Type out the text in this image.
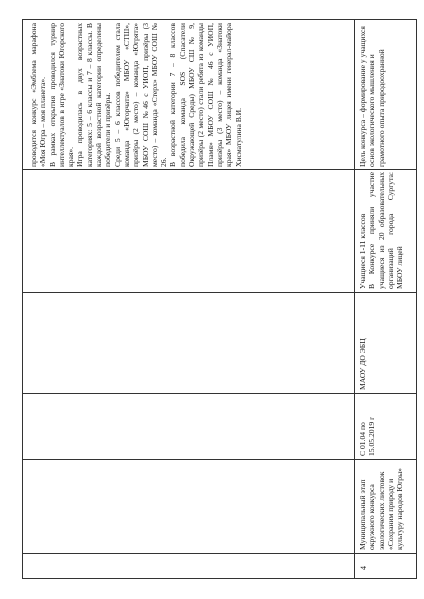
проводится конкурс «Эмблема марафона «Моя Югра – моя планета».
В рамках открытия проводился турнир интеллектуалов в игре «Знатоки Югорского края».
Игра проводилась в двух возрастных категориях: 5 – 6 классы и 7 – 8 классы. В каждой возрастной категории определены победители и призёры.
Среди 5 – 6 классов победителем стала команда «Югорчата» МБОУ «СТШ», призёры (2 место) – команда «Югрята» МБОУ СОШ №46 с УИОП, призёры (3 место) – команда «Стерх» МБОУ СОШ № 26.
В возрастной категории 7 – 8 классов победила команда SOS (Спасатели Окружающей Среды) МБОУ СШ № 9, призёры (2 место) стали ребята из команды Пламя» МБОУ СОШ № 46 с УИОП, призёры (3 место) – команда «Знатоки края» МБОУ лицея имени генерал-майора Хисматулина В.И.
4
Муниципальный этап окружного конкурса экологических листовок «Сохраним природу и культуру народов Югры»
С 01.04 по 15.05.2019 г
МАОУ ДО ЭБЦ
Учащиеся 1-11 классов
В Конкурсе приняли участие учащиеся из 20 образовательных организаций города Сургута: МБОУ лицей
Цель конкурса – формирование у учащихся основ экологического мышления и грамотного опыта природоохранной
